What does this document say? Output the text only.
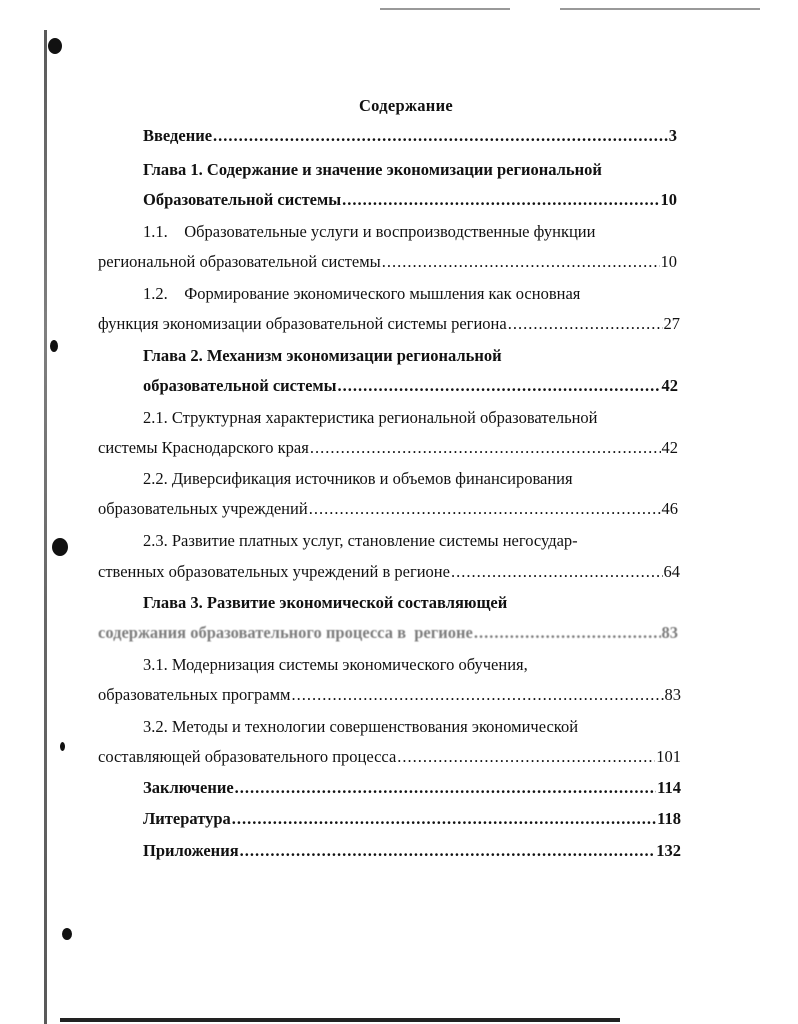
Содержание
Введение .....	3
Глава 1. Содержание и значение экономизации региональной
Образовательной системы .....	10
1.1.    Образовательные услуги и воспроизводственные функции
региональной образовательной системы .....	10
1.2.    Формирование экономического мышления как основная
функция экономизации образовательной системы региона .....	27
Глава 2. Механизм экономизации региональной
образовательной системы .....	42
2.1. Структурная характеристика региональной образовательной
системы Краснодарского края .....	42
2.2. Диверсификация источников и объемов финансирования
образовательных учреждений .....	46
2.3. Развитие платных услуг, становление системы негосудар-
ственных образовательных учреждений в регионе .....	64
Глава 3. Развитие экономической составляющей
содержания образовательного процесса в  регионе .....	83
3.1. Модернизация системы экономического обучения,
образовательных программ .....	83
3.2. Методы и технологии совершенствования экономической
составляющей образовательного процесса .....	101
Заключение .....	114
Литература .....	118
Приложения .....	132
